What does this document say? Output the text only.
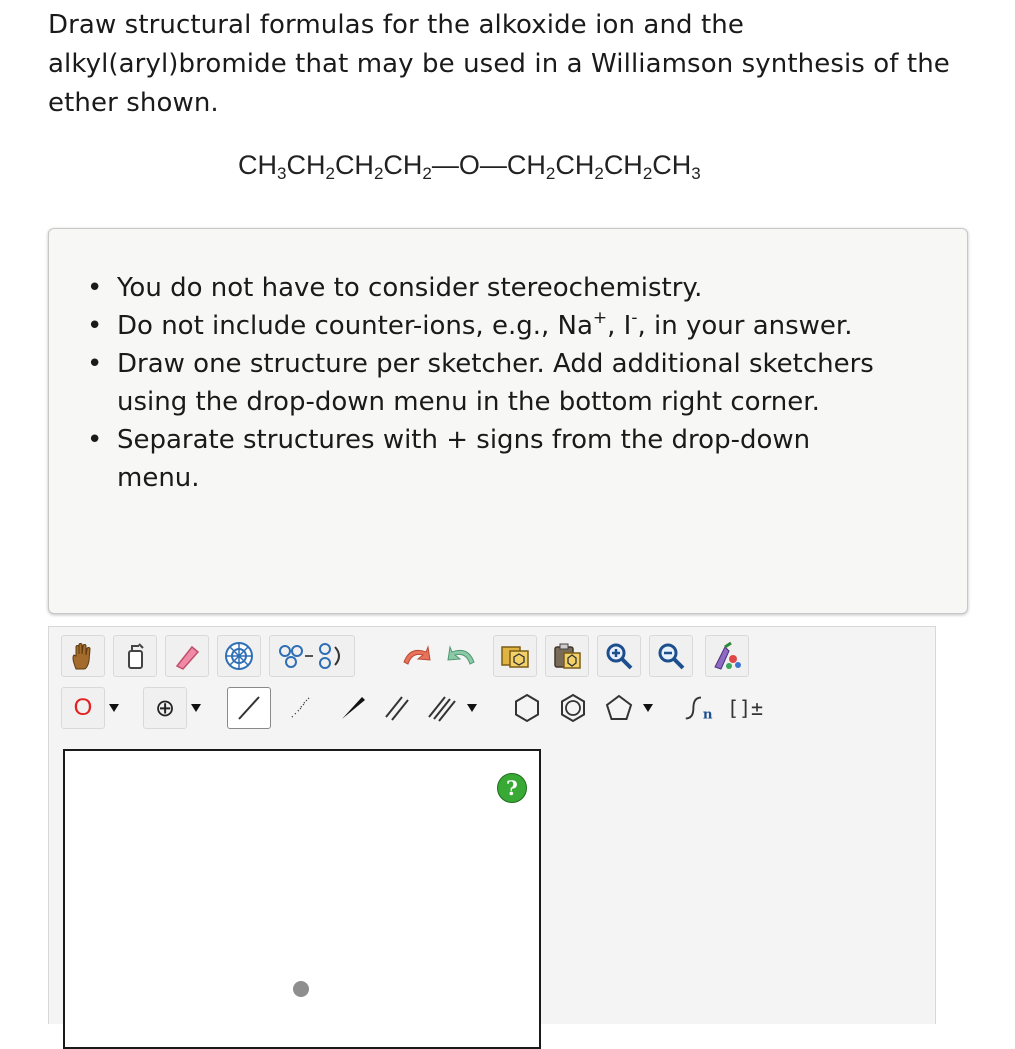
Draw structural formulas for the alkoxide ion and the alkyl(aryl)bromide that may be used in a Williamson synthesis of the ether shown.
$CH_3CH_2CH_2CH_2—O—CH_2CH_2CH_2CH_3$
• You do not have to consider stereochemistry.
• Do not include counter-ions, e.g., Na+, I-, in your answer.
• Draw one structure per sketcher. Add additional sketchers using the drop-down menu in the bottom right corner.
• Separate structures with + signs from the drop-down menu.
O	⊕	n []±
?
